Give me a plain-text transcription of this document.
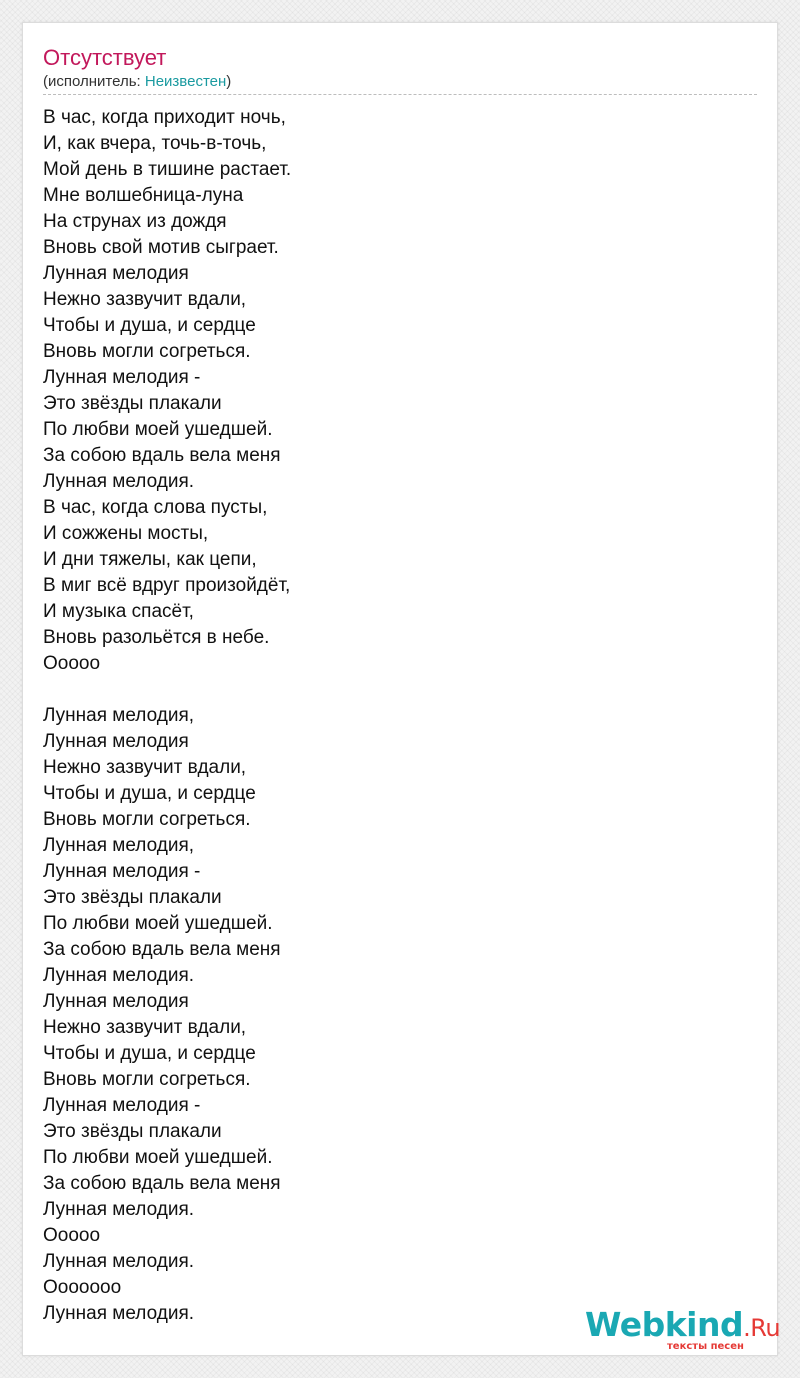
Отсутствует
(исполнитель: Неизвестен)
В час, когда приходит ночь,
И, как вчера, точь-в-точь,
Мой день в тишине растает.
Мне волшебница-луна
На струнах из дождя
Вновь свой мотив сыграет.
Лунная мелодия
Нежно зазвучит вдали,
Чтобы и душа, и сердце
Вновь могли согреться.
Лунная мелодия -
Это звёзды плакали
По любви моей ушедшей.
За собою вдаль вела меня
Лунная мелодия.
В час, когда слова пусты,
И сожжены мосты,
И дни тяжелы, как цепи,
В миг всё вдруг произойдёт,
И музыка спасёт,
Вновь разольётся в небе.
Ооооо
Лунная мелодия,
Лунная мелодия
Нежно зазвучит вдали,
Чтобы и душа, и сердце
Вновь могли согреться.
Лунная мелодия,
Лунная мелодия -
Это звёзды плакали
По любви моей ушедшей.
За собою вдаль вела меня
Лунная мелодия.
Лунная мелодия
Нежно зазвучит вдали,
Чтобы и душа, и сердце
Вновь могли согреться.
Лунная мелодия -
Это звёзды плакали
По любви моей ушедшей.
За собою вдаль вела меня
Лунная мелодия.
Ооооо
Лунная мелодия.
Ооооооо
Лунная мелодия.	Webkind.Ru
тексты песен
